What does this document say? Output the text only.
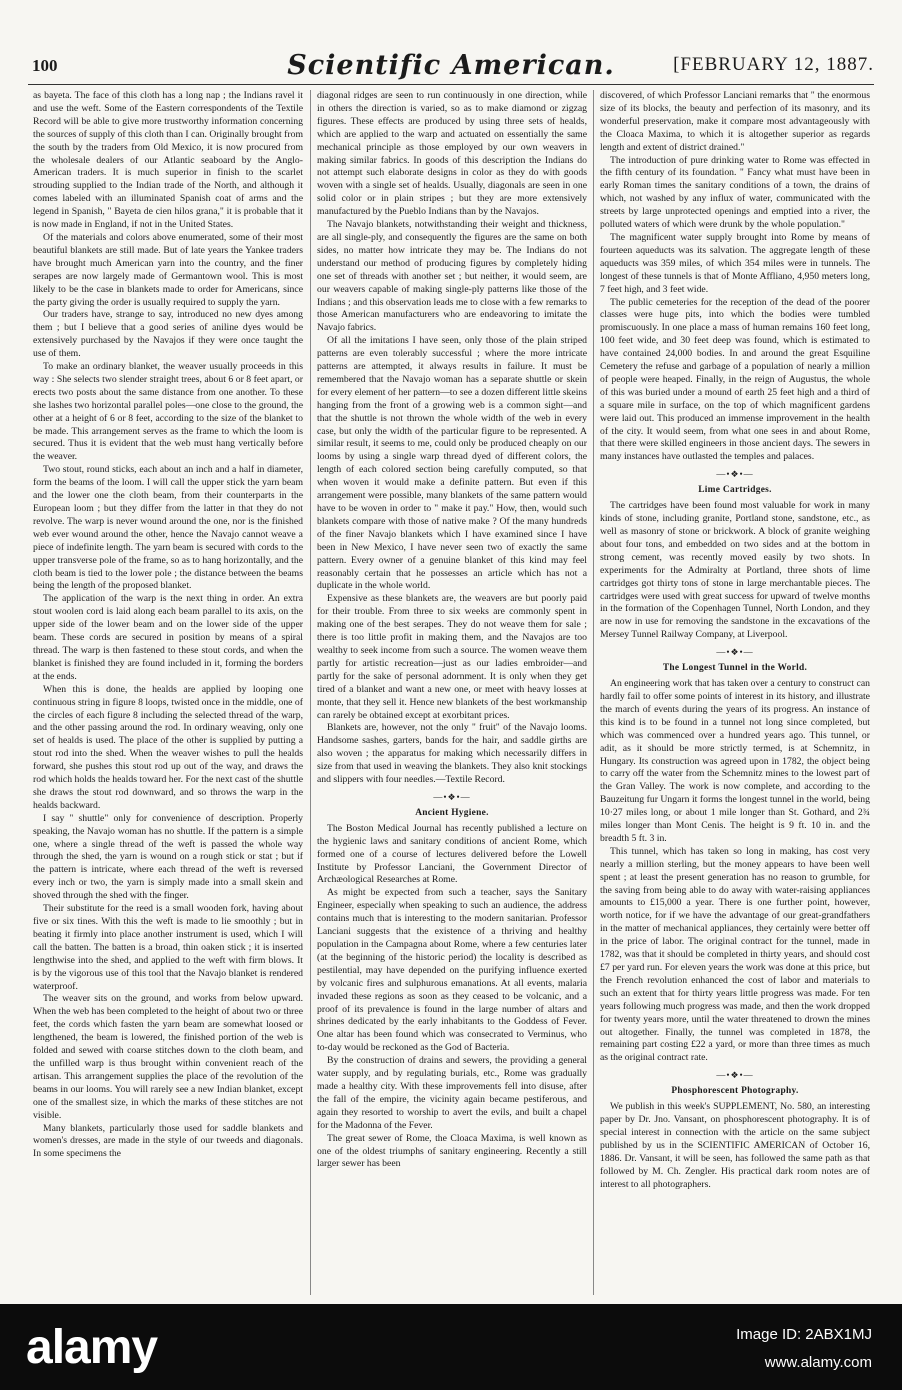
100	Scientific American.	[FEBRUARY 12, 1887.

as bayeta. The face of this cloth has a long nap ; the Indians ravel it and use the weft. Some of the Eastern correspondents of the Textile Record will be able to give more trustworthy information concerning the sources of supply of this cloth than I can. Originally brought from the south by the traders from Old Mexico, it is now procured from the wholesale dealers of our Atlantic seaboard by the Anglo-American traders. It is much superior in finish to the scarlet strouding supplied to the Indian trade of the North, and although it comes labeled with an illuminated Spanish coat of arms and the legend in Spanish, " Bayeta de cien hilos grana," it is probable that it is now made in England, if not in the United States.

Of the materials and colors above enumerated, some of their most beautiful blankets are still made. But of late years the Yankee traders have brought much American yarn into the country, and the finer serapes are now largely made of Germantown wool. This is most likely to be the case in blankets made to order for Americans, since the party giving the order is usually required to supply the yarn.

Our traders have, strange to say, introduced no new dyes among them ; but I believe that a good series of aniline dyes would be extensively purchased by the Navajos if they were once taught the use of them.

To make an ordinary blanket, the weaver usually proceeds in this way : She selects two slender straight trees, about 6 or 8 feet apart, or erects two posts about the same distance from one another. To these she lashes two horizontal parallel poles—one close to the ground, the other at a height of 6 or 8 feet, according to the size of the blanket to be made. This arrangement serves as the frame to which the loom is secured. Thus it is evident that the web must hang vertically before the weaver.

Two stout, round sticks, each about an inch and a half in diameter, form the beams of the loom. I will call the upper stick the yarn beam and the lower one the cloth beam, from their counterparts in the European loom ; but they differ from the latter in that they do not revolve. The warp is never wound around the one, nor is the finished web ever wound around the other, hence the Navajo cannot weave a piece of indefinite length. The yarn beam is secured with cords to the upper transverse pole of the frame, so as to hang horizontally, and the cloth beam is tied to the lower pole ; the distance between the beams being the length of the proposed blanket.

The application of the warp is the next thing in order. An extra stout woolen cord is laid along each beam parallel to its axis, on the upper side of the lower beam and on the lower side of the upper beam. These cords are secured in position by means of a spiral thread. The warp is then fastened to these stout cords, and when the blanket is finished they are found included in it, forming the borders at the ends.

When this is done, the healds are applied by looping one continuous string in figure 8 loops, twisted once in the middle, one of the circles of each figure 8 including the selected thread of the warp, and the other passing around the rod. In ordinary weaving, only one set of healds is used. The place of the other is supplied by putting a stout rod into the shed. When the weaver wishes to pull the healds forward, she pushes this stout rod up out of the way, and draws the rod which holds the healds toward her. For the next cast of the shuttle she draws the stout rod downward, and so throws the warp in the healds backward.

I say " shuttle" only for convenience of description. Properly speaking, the Navajo woman has no shuttle. If the pattern is a simple one, where a single thread of the weft is passed the whole way through the shed, the yarn is wound on a rough stick or stat ; but if the pattern is intricate, where each thread of the weft is reversed every inch or two, the yarn is simply made into a small skein and shoved through the shed with the finger.

Their substitute for the reed is a small wooden fork, having about five or six tines. With this the weft is made to lie smoothly ; but in beating it firmly into place another instrument is used, which I will call the batten. The batten is a broad, thin oaken stick ; it is inserted lengthwise into the shed, and applied to the weft with firm blows. It is by the vigorous use of this tool that the Navajo blanket is rendered waterproof.

The weaver sits on the ground, and works from below upward. When the web has been completed to the height of about two or three feet, the cords which fasten the yarn beam are somewhat loosed or lengthened, the beam is lowered, the finished portion of the web is folded and sewed with coarse stitches down to the cloth beam, and the unfilled warp is thus brought within convenient reach of the artisan. This arrangement supplies the place of the revolution of the beams in our looms. You will rarely see a new Indian blanket, except one of the smallest size, in which the marks of these stitches are not visible.

Many blankets, particularly those used for saddle blankets and women's dresses, are made in the style of our tweeds and diagonals. In some specimens the

diagonal ridges are seen to run continuously in one direction, while in others the direction is varied, so as to make diamond or zigzag figures. These effects are produced by using three sets of healds, which are applied to the warp and actuated on essentially the same mechanical principle as those employed by our own weavers in making similar fabrics. In goods of this description the Indians do not attempt such elaborate designs in color as they do with goods woven with a single set of healds. Usually, diagonals are seen in one solid color or in plain stripes ; but they are more extensively manufactured by the Pueblo Indians than by the Navajos.

The Navajo blankets, notwithstanding their weight and thickness, are all single-ply, and consequently the figures are the same on both sides, no matter how intricate they may be. The Indians do not understand our method of producing figures by completely hiding one set of threads with another set ; but neither, it would seem, are our weavers capable of making single-ply patterns like those of the Indians ; and this observation leads me to close with a few remarks to those American manufacturers who are endeavoring to imitate the Navajo fabrics.

Of all the imitations I have seen, only those of the plain striped patterns are even tolerably successful ; where the more intricate patterns are attempted, it always results in failure. It must be remembered that the Navajo woman has a separate shuttle or skein for every element of her pattern—to see a dozen different little skeins hanging from the front of a growing web is a common sight—and that the shuttle is not thrown the whole width of the web in every case, but only the width of the particular figure to be represented. A similar result, it seems to me, could only be produced cheaply on our looms by using a single warp thread dyed of different colors, the length of each colored section being carefully computed, so that when woven it would make a definite pattern. But even if this arrangement were possible, many blankets of the same pattern would have to be woven in order to " make it pay." How, then, would such blankets compare with those of native make ? Of the many hundreds of the finer Navajo blankets which I have examined since I have been in New Mexico, I have never seen two of exactly the same pattern. Every owner of a genuine blanket of this kind may feel reasonably certain that he possesses an article which has not a duplicate in the whole world.

Expensive as these blankets are, the weavers are but poorly paid for their trouble. From three to six weeks are commonly spent in making one of the best serapes. They do not weave them for sale ; there is too little profit in making them, and the Navajos are too wealthy to seek income from such a source. The women weave them partly for artistic recreation—just as our ladies embroider—and partly for the sake of personal adornment. It is only when they get tired of a blanket and want a new one, or meet with heavy losses at monte, that they sell it. Hence new blankets of the best workmanship can rarely be obtained except at exorbitant prices.

Blankets are, however, not the only " fruit" of the Navajo looms. Handsome sashes, garters, bands for the hair, and saddle girths are also woven ; the apparatus for making which necessarily differs in size from that used in weaving the blankets. They also knit stockings and slippers with four needles.—Textile Record.

—•❖•—
Ancient Hygiene.

The Boston Medical Journal has recently published a lecture on the hygienic laws and sanitary conditions of ancient Rome, which formed one of a course of lectures delivered before the Lowell Institute by Professor Lanciani, the Government Director of Archæological Researches at Rome.

As might be expected from such a teacher, says the Sanitary Engineer, especially when speaking to such an audience, the address contains much that is interesting to the modern sanitarian. Professor Lanciani suggests that the existence of a thriving and healthy population in the Campagna about Rome, where a few centuries later (at the beginning of the historic period) the locality is described as pestilential, may have depended on the purifying influence exerted by volcanic fires and sulphurous emanations. At all events, malaria invaded these regions as soon as they ceased to be volcanic, and a proof of its prevalence is found in the large number of altars and shrines dedicated by the early inhabitants to the Goddess of Fever. One altar has been found which was consecrated to Verminus, who to-day would be reckoned as the God of Bacteria.

By the construction of drains and sewers, the providing a general water supply, and by regulating burials, etc., Rome was gradually made a healthy city. With these improvements fell into disuse, after the fall of the empire, the vicinity again became pestiferous, and again they resorted to worship to avert the evils, and built a chapel for the Madonna of the Fever.

The great sewer of Rome, the Cloaca Maxima, is well known as one of the oldest triumphs of sanitary engineering. Recently a still larger sewer has been

discovered, of which Professor Lanciani remarks that " the enormous size of its blocks, the beauty and perfection of its masonry, and its wonderful preservation, make it compare most advantageously with the Cloaca Maxima, to which it is altogether superior as regards length and extent of district drained."

The introduction of pure drinking water to Rome was effected in the fifth century of its foundation. " Fancy what must have been in early Roman times the sanitary conditions of a town, the drains of which, not washed by any influx of water, communicated with the streets by large unprotected openings and emptied into a river, the polluted waters of which were drunk by the whole population."

The magnificent water supply brought into Rome by means of fourteen aqueducts was its salvation. The aggregate length of these aqueducts was 359 miles, of which 354 miles were in tunnels. The longest of these tunnels is that of Monte Affliano, 4,950 meters long, 7 feet high, and 3 feet wide.

The public cemeteries for the reception of the dead of the poorer classes were huge pits, into which the bodies were tumbled promiscuously. In one place a mass of human remains 160 feet long, 100 feet wide, and 30 feet deep was found, which is estimated to have contained 24,000 bodies. In and around the great Esquiline Cemetery the refuse and garbage of a population of nearly a million of people were heaped. Finally, in the reign of Augustus, the whole of this was buried under a mound of earth 25 feet high and a third of a square mile in surface, on the top of which magnificent gardens were laid out. This produced an immense improvement in the health of the city. It would seem, from what one sees in and about Rome, that there were skilled engineers in those ancient days. The sewers in many instances have outlasted the temples and palaces.

—•❖•—
Lime Cartridges.

The cartridges have been found most valuable for work in many kinds of stone, including granite, Portland stone, sandstone, etc., as well as masonry of stone or brickwork. A block of granite weighing about four tons, and embedded on two sides and at the bottom in strong cement, was recently moved easily by two shots. In experiments for the Admiralty at Portland, three shots of lime cartridges got thirty tons of stone in large merchantable pieces. The cartridges were used with great success for upward of twelve months in the formation of the Copenhagen Tunnel, North London, and they are now in use for removing the sandstone in the excavations of the Mersey Tunnel Railway Company, at Liverpool.

—•❖•—
The Longest Tunnel in the World.

An engineering work that has taken over a century to construct can hardly fail to offer some points of interest in its history, and illustrate the march of events during the years of its progress. An instance of this kind is to be found in a tunnel not long since completed, but which was commenced over a hundred years ago. This tunnel, or adit, as it should be more strictly termed, is at Schemnitz, in Hungary. Its construction was agreed upon in 1782, the object being to carry off the water from the Schemnitz mines to the lowest part of the Gran Valley. The work is now complete, and according to the Bauzeitung fur Ungarn it forms the longest tunnel in the world, being 10·27 miles long, or about 1 mile longer than St. Gothard, and 2¾ miles longer than Mont Cenis. The height is 9 ft. 10 in. and the breadth 5 ft. 3 in.

This tunnel, which has taken so long in making, has cost very nearly a million sterling, but the money appears to have been well spent ; at least the present generation has no reason to grumble, for the saving from being able to do away with water-raising appliances amounts to £15,000 a year. There is one further point, however, worth notice, for if we have the advantage of our great-grandfathers in the matter of mechanical appliances, they certainly were better off in the price of labor. The original contract for the tunnel, made in 1782, was that it should be completed in thirty years, and should cost £7 per yard run. For eleven years the work was done at this price, but the French revolution enhanced the cost of labor and materials to such an extent that for thirty years little progress was made. For ten years following much progress was made, and then the work dropped for twenty years more, until the water threatened to drown the mines out altogether. Finally, the tunnel was completed in 1878, the remaining part costing £22 a yard, or more than three times as much as the original contract rate.

—•❖•—
Phosphorescent Photography.

We publish in this week's SUPPLEMENT, No. 580, an interesting paper by Dr. Jno. Vansant, on phosphorescent photography. It is of special interest in connection with the article on the same subject published by us in the SCIENTIFIC AMERICAN of October 16, 1886. Dr. Vansant, it will be seen, has followed the same path as that followed by M. Ch. Zengler. His practical dark room notes are of interest to all photographers.

alamy	Image ID: 2ABX1MJ
www.alamy.com
